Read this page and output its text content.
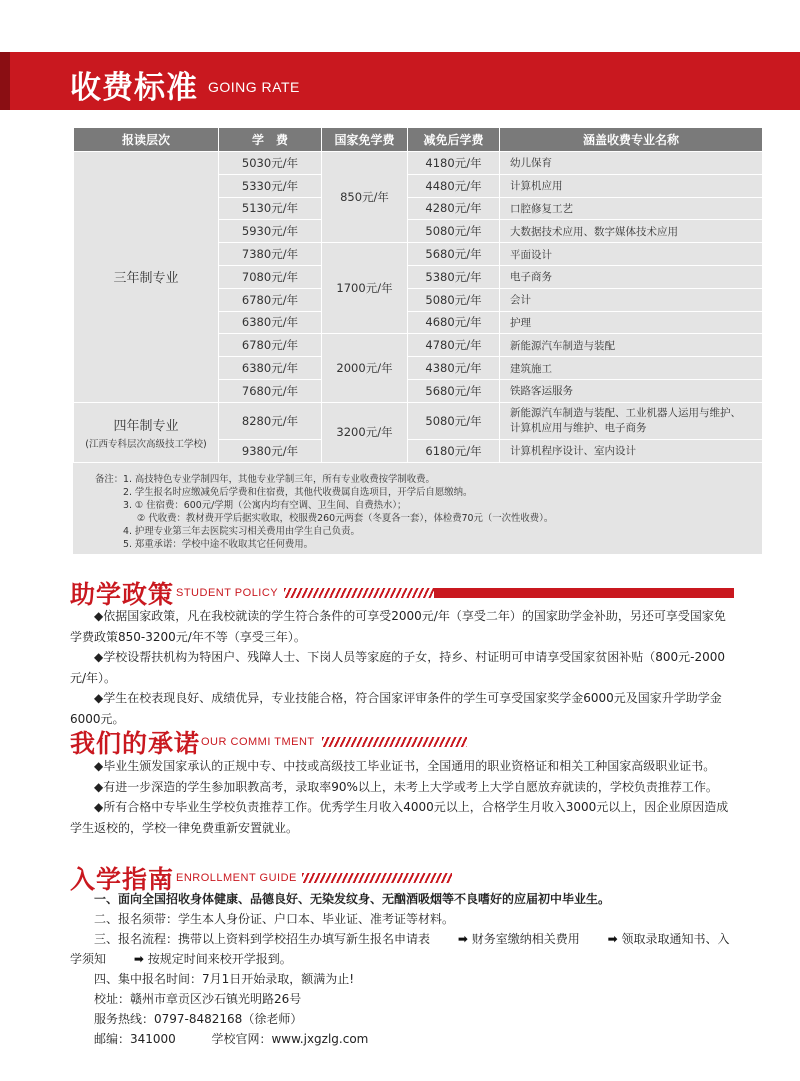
收费标准 GOING RATE
报读层次	学　费	国家免学费	减免后学费	涵盖收费专业名称
三年制专业	5030元/年	850元/年	4180元/年	幼儿保育
	5330元/年		4480元/年	计算机应用
	5130元/年		4280元/年	口腔修复工艺
	5930元/年		5080元/年	大数据技术应用、数字媒体技术应用
	7380元/年	1700元/年	5680元/年	平面设计
	7080元/年		5380元/年	电子商务
	6780元/年		5080元/年	会计
	6380元/年		4680元/年	护理
	6780元/年	2000元/年	4780元/年	新能源汽车制造与装配
	6380元/年		4380元/年	建筑施工
	7680元/年		5680元/年	铁路客运服务
四年制专业
(江西专科层次高级技工学校)	8280元/年	3200元/年	5080元/年	新能源汽车制造与装配、工业机器人运用与维护、
计算机应用与维护、电子商务
	9380元/年		6180元/年	计算机程序设计、室内设计
备注：1. 高技特色专业学制四年，其他专业学制三年，所有专业收费按学制收费。
2. 学生报名时应缴减免后学费和住宿费，其他代收费属自选项目，开学后自愿缴纳。
3. ① 住宿费：600元/学期（公寓内均有空调、卫生间、自费热水）；
② 代收费：教材费开学后据实收取，校服费260元两套（冬夏各一套），体检费70元（一次性收费）。
4. 护理专业第三年去医院实习相关费用由学生自己负责。
5. 郑重承诺：学校中途不收取其它任何费用。
助学政策 STUDENT POLICY

◆依据国家政策，凡在我校就读的学生符合条件的可享受2000元/年（享受二年）的国家助学金补助，另还可享受国家免学费政策850-3200元/年不等（享受三年）。

◆学校设帮扶机构为特困户、残障人士、下岗人员等家庭的子女，持乡、村证明可申请享受国家贫困补贴（800元-2000元/年）。

◆学生在校表现良好、成绩优异，专业技能合格，符合国家评审条件的学生可享受国家奖学金6000元及国家升学助学金6000元。

我们的承诺 OUR COMMI TMENT

◆毕业生颁发国家承认的正规中专、中技或高级技工毕业证书，全国通用的职业资格证和相关工种国家高级职业证书。

◆有进一步深造的学生参加职教高考，录取率90%以上，未考上大学或考上大学自愿放弃就读的，学校负责推荐工作。

◆所有合格中专毕业生学校负责推荐工作。优秀学生月收入4000元以上，合格学生月收入3000元以上，因企业原因造成学生返校的，学校一律免费重新安置就业。

入学指南 ENROLLMENT GUIDE

一、面向全国招收身体健康、品德良好、无染发纹身、无酗酒吸烟等不良嗜好的应届初中毕业生。

二、报名须带：学生本人身份证、户口本、毕业证、准考证等材料。

三、报名流程：携带以上资料到学校招生办填写新生报名申请表 ➡ 财务室缴纳相关费用 ➡ 领取录取通知书、入学须知 ➡ 按规定时间来校开学报到。

四、集中报名时间：7月1日开始录取，额满为止!

校址：赣州市章贡区沙石镇光明路26号

服务热线：0797-8482168（徐老师）

邮编：341000	学校官网：www.jxgzlg.com
